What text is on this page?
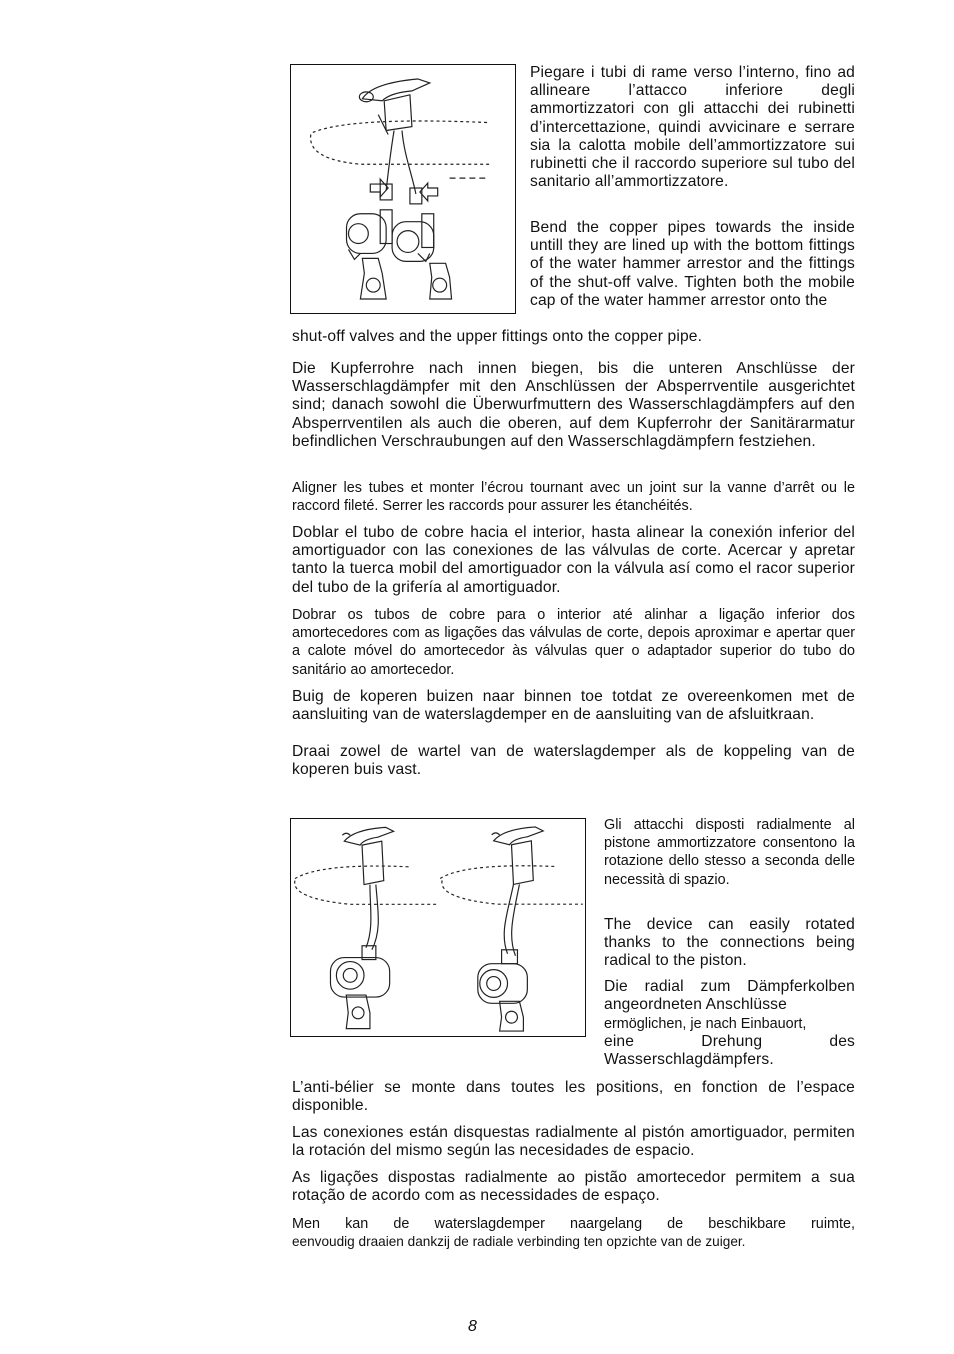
Piegare i tubi di rame verso l’interno, fino ad allineare l’attacco inferiore degli ammortizzatori con gli attacchi dei rubinetti d’intercettazione, quindi avvicinare e serrare sia la calotta mobile dell’ammortizzatore sui rubinetti che il raccordo superiore sul tubo del sanitario all’ammortizzatore.

Bend the copper pipes towards the inside untill they are lined up with the bottom fittings of the water hammer arrestor and the fittings of the shut-off valve. Tighten both the mobile cap of the water hammer arrestor onto the

shut-off valves and the upper fittings onto the copper pipe.

Die Kupferrohre nach innen biegen, bis die unteren Anschlüsse der Wasserschlagdämpfer mit den Anschlüssen der Absperrventile ausgerichtet sind; danach sowohl die Überwurfmuttern des Wasserschlagdämpfers auf den Absperrventilen als auch die oberen, auf dem Kupferrohr der Sanitärarmatur befindlichen Verschraubungen auf den Wasserschlagdämpfern festziehen.

Aligner les tubes et monter l’écrou tournant avec un joint sur la vanne d’arrêt ou le raccord fileté. Serrer les raccords pour assurer les étanchéités.

Doblar el tubo de cobre hacia el interior, hasta alinear la conexión inferior del amortiguador con las conexiones de las válvulas de corte. Acercar y apretar tanto la tuerca mobil del amortiguador con la válvula así como el racor superior del tubo de la grifería al amortiguador.

Dobrar os tubos de cobre para o interior até alinhar a ligação inferior dos amortecedores com as ligações das válvulas de corte, depois aproximar e apertar quer a calote móvel do amortecedor às válvulas quer o adaptador superior do tubo do sanitário ao amortecedor.

Buig de koperen buizen naar binnen toe totdat ze overeenkomen met de aansluiting van de waterslagdemper en de aansluiting van de afsluitkraan.

Draai zowel de wartel van de waterslagdemper als de koppeling van de koperen buis vast.

Gli attacchi disposti radialmente al pistone ammortizzatore consentono la rotazione dello stesso a seconda delle necessità di spazio.

The device can easily rotated thanks to the connections being radical to the piston.

Die radial zum Dämpferkolben angeordneten Anschlüsse

ermöglichen, je nach Einbauort,

eine Drehung des Wasserschlagdämpfers.

L’anti-bélier se monte dans toutes les positions, en fonction de l’espace disponible.

Las conexiones están disquestas radialmente al pistón amortiguador, permiten la rotación del mismo según las necesidades de espacio.

As ligações dispostas radialmente ao pistão amortecedor permitem a sua rotação de acordo com as necessidades de espaço.

Men kan de waterslagdemper naargelang de beschikbare ruimte,

eenvoudig draaien dankzij de radiale verbinding ten opzichte van de zuiger.

8
